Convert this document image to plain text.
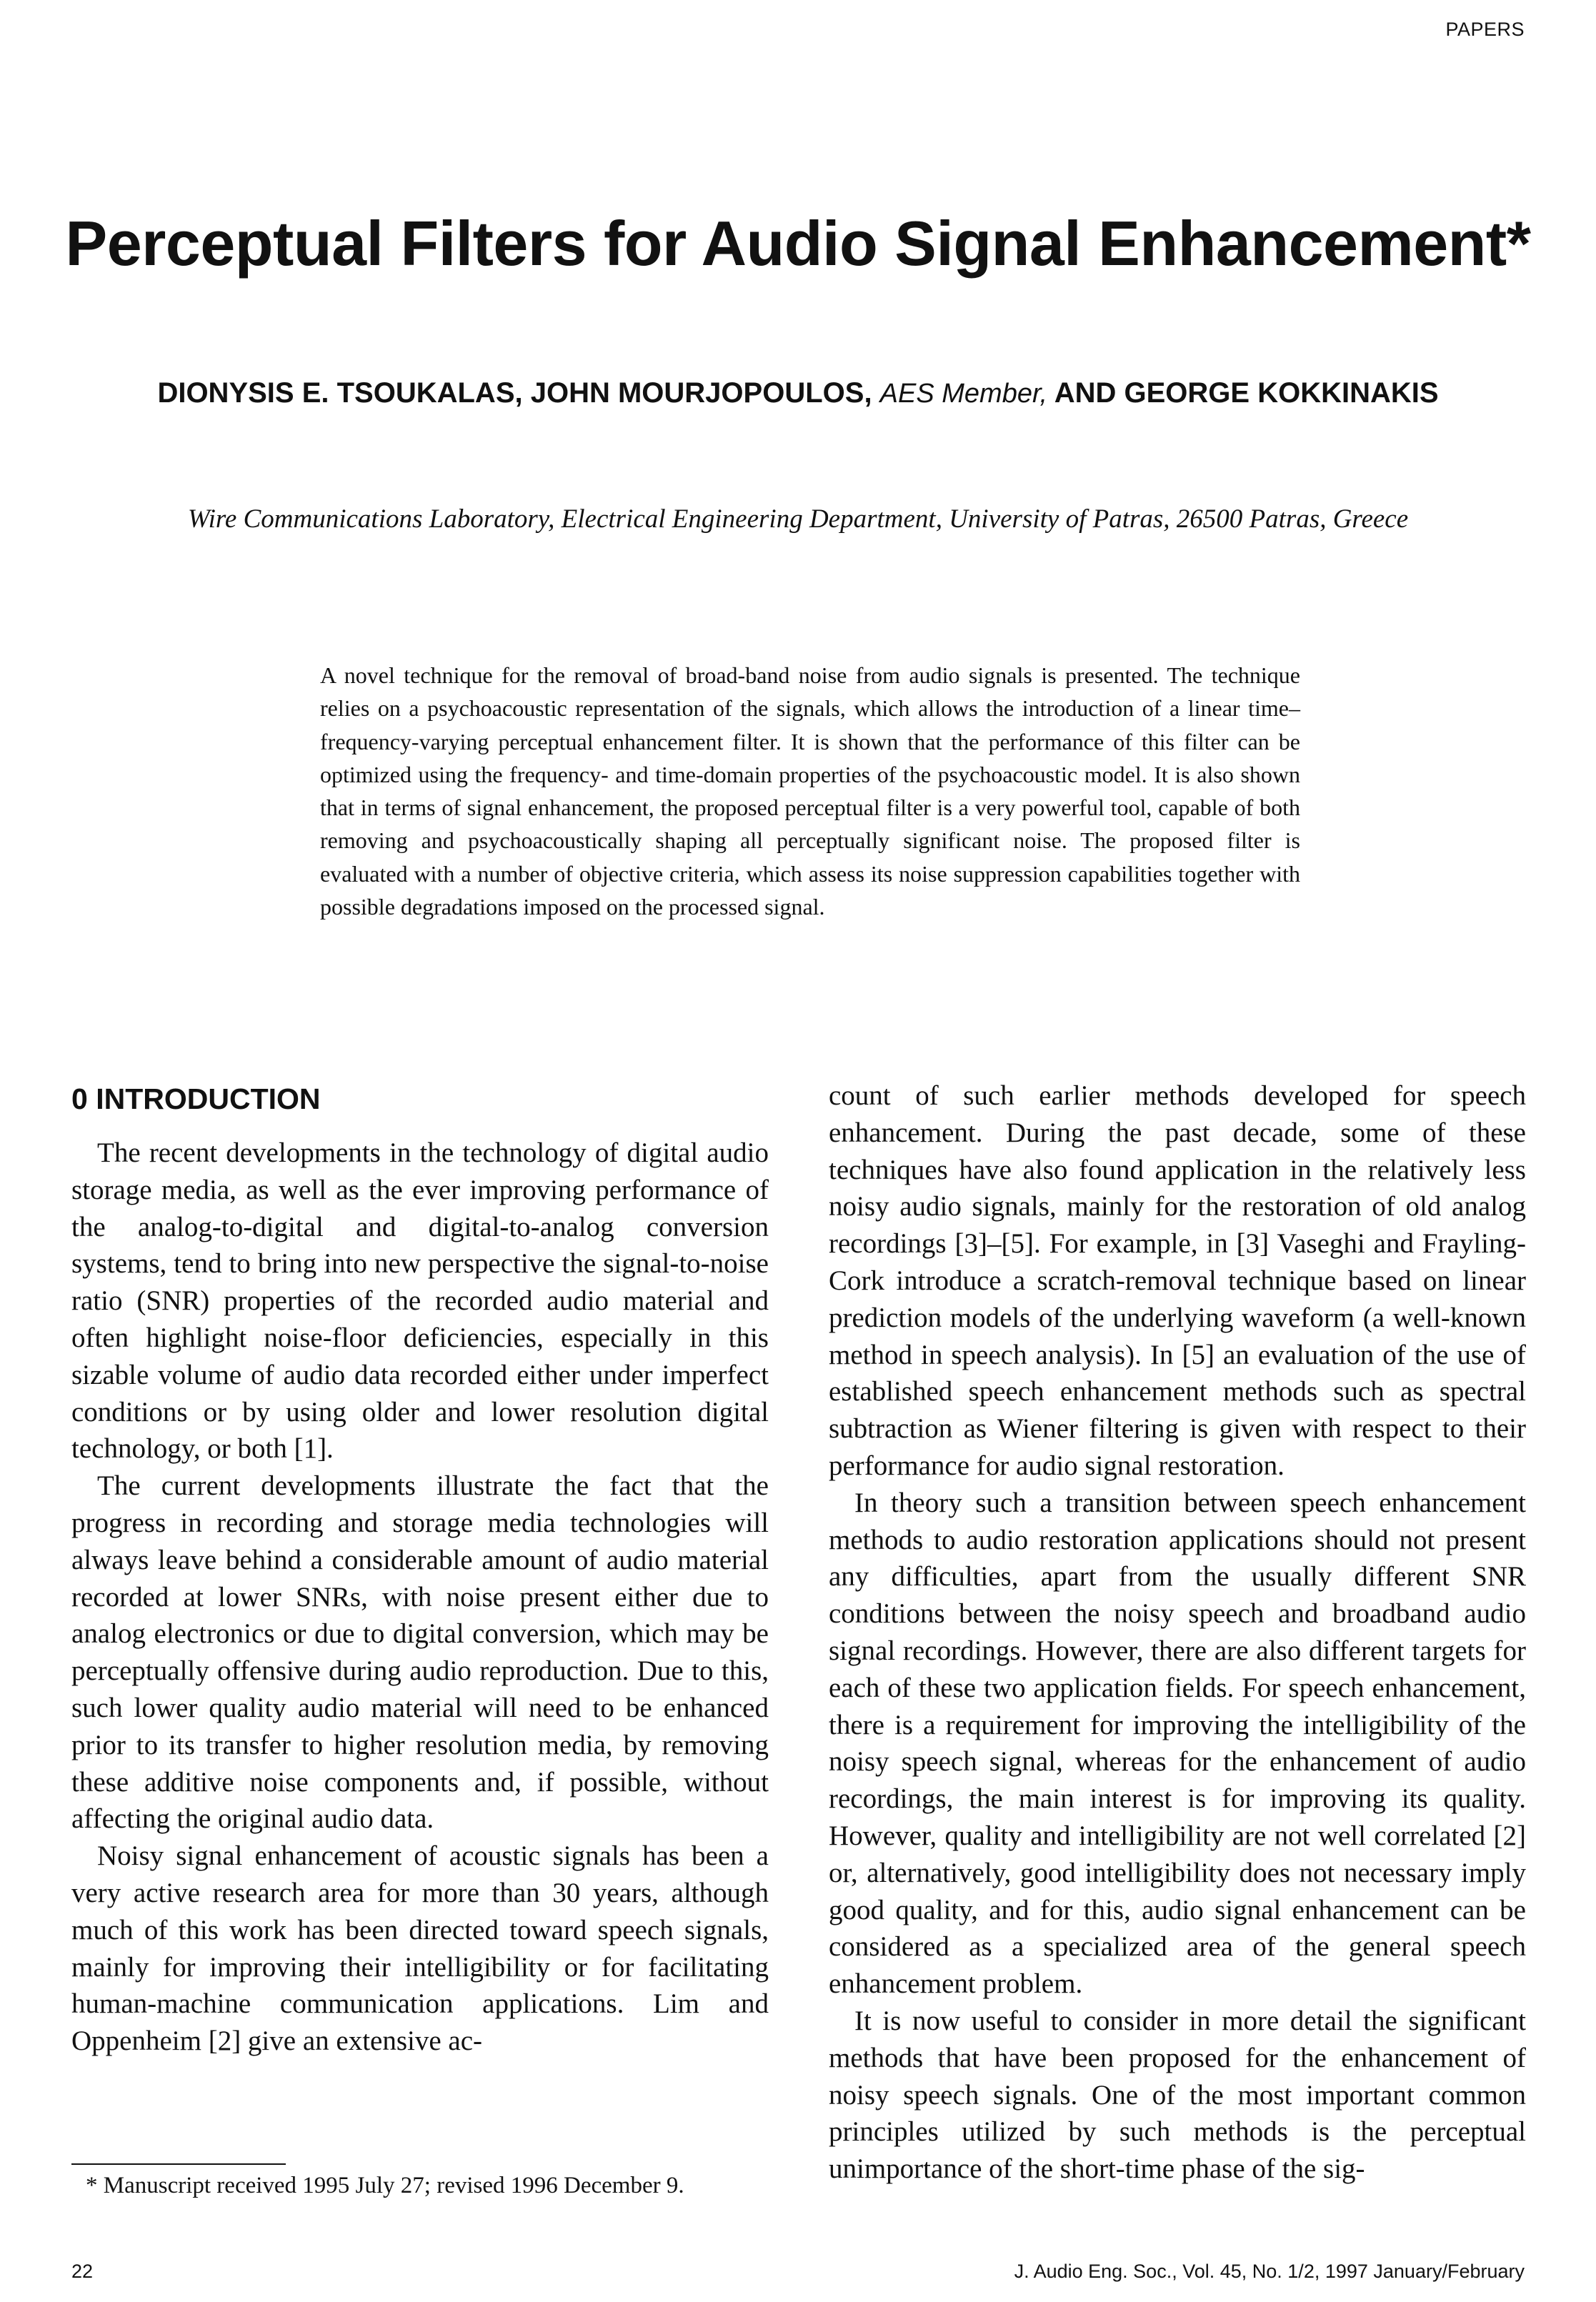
PAPERS
Perceptual Filters for Audio Signal Enhancement*
DIONYSIS E. TSOUKALAS, JOHN MOURJOPOULOS, AES Member, AND GEORGE KOKKINAKIS

Wire Communications Laboratory, Electrical Engineering Department, University of Patras, 26500 Patras, Greece

A novel technique for the removal of broad-band noise from audio signals is presented. The technique relies on a psychoacoustic representation of the signals, which allows the introduction of a linear time–frequency-varying perceptual enhancement filter. It is shown that the performance of this filter can be optimized using the frequency- and time-domain properties of the psychoacoustic model. It is also shown that in terms of signal enhancement, the proposed perceptual filter is a very powerful tool, capable of both removing and psychoacoustically shaping all perceptually significant noise. The proposed filter is evaluated with a number of objective criteria, which assess its noise suppression capabilities together with possible degradations imposed on the processed signal.

0 INTRODUCTION

The recent developments in the technology of digital audio storage media, as well as the ever improving performance of the analog-to-digital and digital-to-analog conversion systems, tend to bring into new perspective the signal-to-noise ratio (SNR) properties of the recorded audio material and often highlight noise-floor deficiencies, especially in this sizable volume of audio data recorded either under imperfect conditions or by using older and lower resolution digital technology, or both [1].

The current developments illustrate the fact that the progress in recording and storage media technologies will always leave behind a considerable amount of audio material recorded at lower SNRs, with noise present either due to analog electronics or due to digital conversion, which may be perceptually offensive during audio reproduction. Due to this, such lower quality audio material will need to be enhanced prior to its transfer to higher resolution media, by removing these additive noise components and, if possible, without affecting the original audio data.

Noisy signal enhancement of acoustic signals has been a very active research area for more than 30 years, although much of this work has been directed toward speech signals, mainly for improving their intelligibility or for facilitating human-machine communication applications. Lim and Oppenheim [2] give an extensive ac-

count of such earlier methods developed for speech enhancement. During the past decade, some of these techniques have also found application in the relatively less noisy audio signals, mainly for the restoration of old analog recordings [3]–[5]. For example, in [3] Vaseghi and Frayling-Cork introduce a scratch-removal technique based on linear prediction models of the underlying waveform (a well-known method in speech analysis). In [5] an evaluation of the use of established speech enhancement methods such as spectral subtraction as Wiener filtering is given with respect to their performance for audio signal restoration.

In theory such a transition between speech enhancement methods to audio restoration applications should not present any difficulties, apart from the usually different SNR conditions between the noisy speech and broadband audio signal recordings. However, there are also different targets for each of these two application fields. For speech enhancement, there is a requirement for improving the intelligibility of the noisy speech signal, whereas for the enhancement of audio recordings, the main interest is for improving its quality. However, quality and intelligibility are not well correlated [2] or, alternatively, good intelligibility does not necessary imply good quality, and for this, audio signal enhancement can be considered as a specialized area of the general speech enhancement problem.

It is now useful to consider in more detail the significant methods that have been proposed for the enhancement of noisy speech signals. One of the most important common principles utilized by such methods is the perceptual unimportance of the short-time phase of the sig-

* Manuscript received 1995 July 27; revised 1996 December 9.

22	J. Audio Eng. Soc., Vol. 45, No. 1/2, 1997 January/February
